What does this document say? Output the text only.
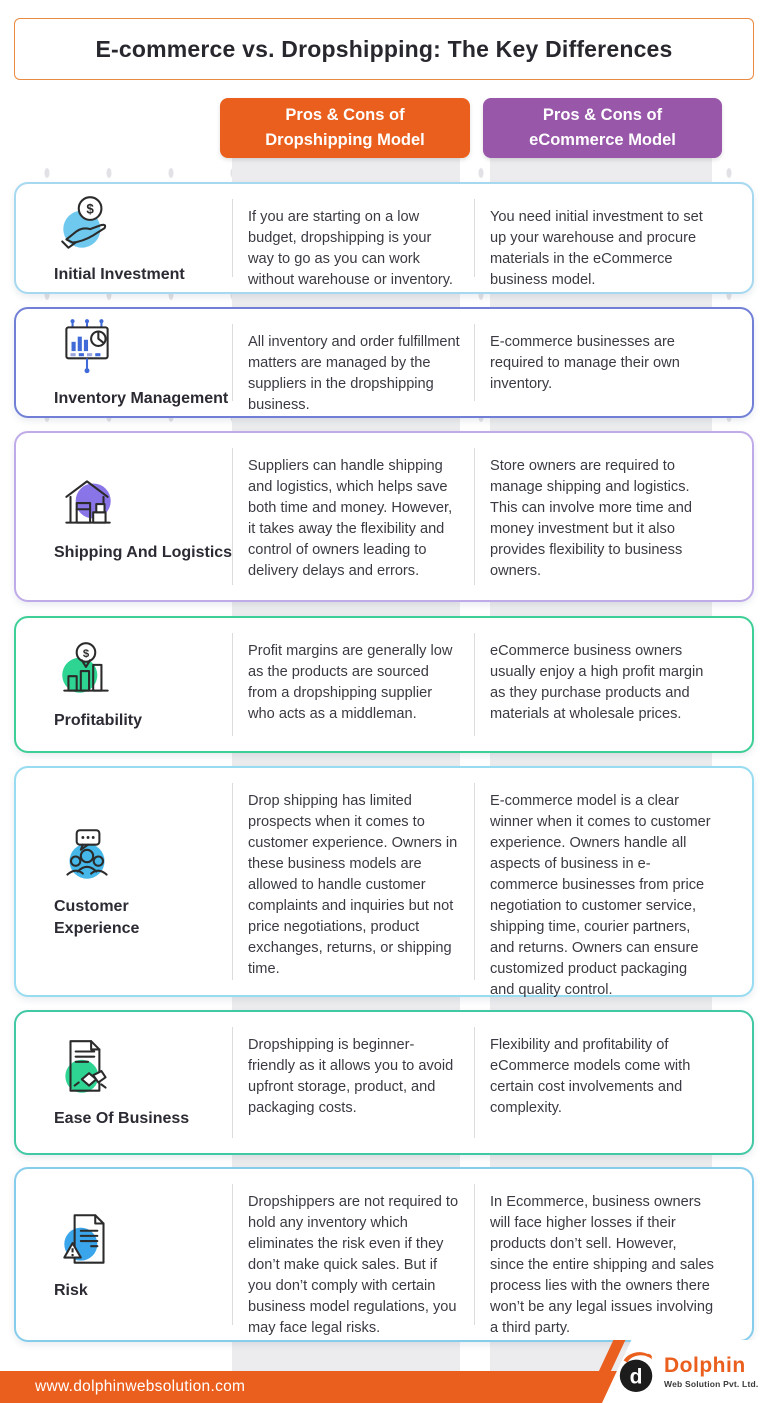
E-commerce vs. Dropshipping: The Key Differences
Pros & Cons of
Dropshipping Model
Pros & Cons of
eCommerce Model
$
Initial Investment
If you are starting on a low budget, dropshipping is your way to go as you can work without warehouse or inventory.
You need initial investment to set up your warehouse and procure materials in the eCommerce business model.
Inventory Management
All inventory and order fulfillment matters are managed by the suppliers in the dropshipping business.
E-commerce businesses are required to manage their own inventory.
Shipping And Logistics
Suppliers can handle shipping and logistics, which helps save both time and money. However, it takes away the flexibility and control of owners leading to delivery delays and errors.
Store owners are required to manage shipping and logistics. This can involve more time and money investment but it also provides flexibility to business owners.
$
Profitability
Profit margins are generally low as the products are sourced from a dropshipping supplier who acts as a middleman.
eCommerce business owners usually enjoy a high profit margin as they purchase products and materials at wholesale prices.
Customer Experience
Drop shipping has limited prospects when it comes to customer experience. Owners in these business models are allowed to handle customer complaints and inquiries but not price negotiations, product exchanges, returns, or shipping time.
E-commerce model is a clear winner when it comes to customer experience. Owners handle all aspects of business in e-commerce businesses from price negotiation to customer service, shipping time, courier partners, and returns. Owners can ensure customized product packaging and quality control.
Ease Of Business
Dropshipping is beginner-friendly as it allows you to avoid upfront storage, product, and packaging costs.
Flexibility and profitability of eCommerce models come with certain cost involvements and complexity.
Risk
Dropshippers are not required to hold any inventory which eliminates the risk even if they don’t make quick sales. But if you don’t comply with certain business model regulations, you may face legal risks.
In Ecommerce, business owners will face higher losses if their products don’t sell. However, since the entire shipping and sales process lies with the owners there won’t be any legal issues involving a third party.
www.dolphinwebsolution.com	d Dolphin
Web Solution Pvt. Ltd.
